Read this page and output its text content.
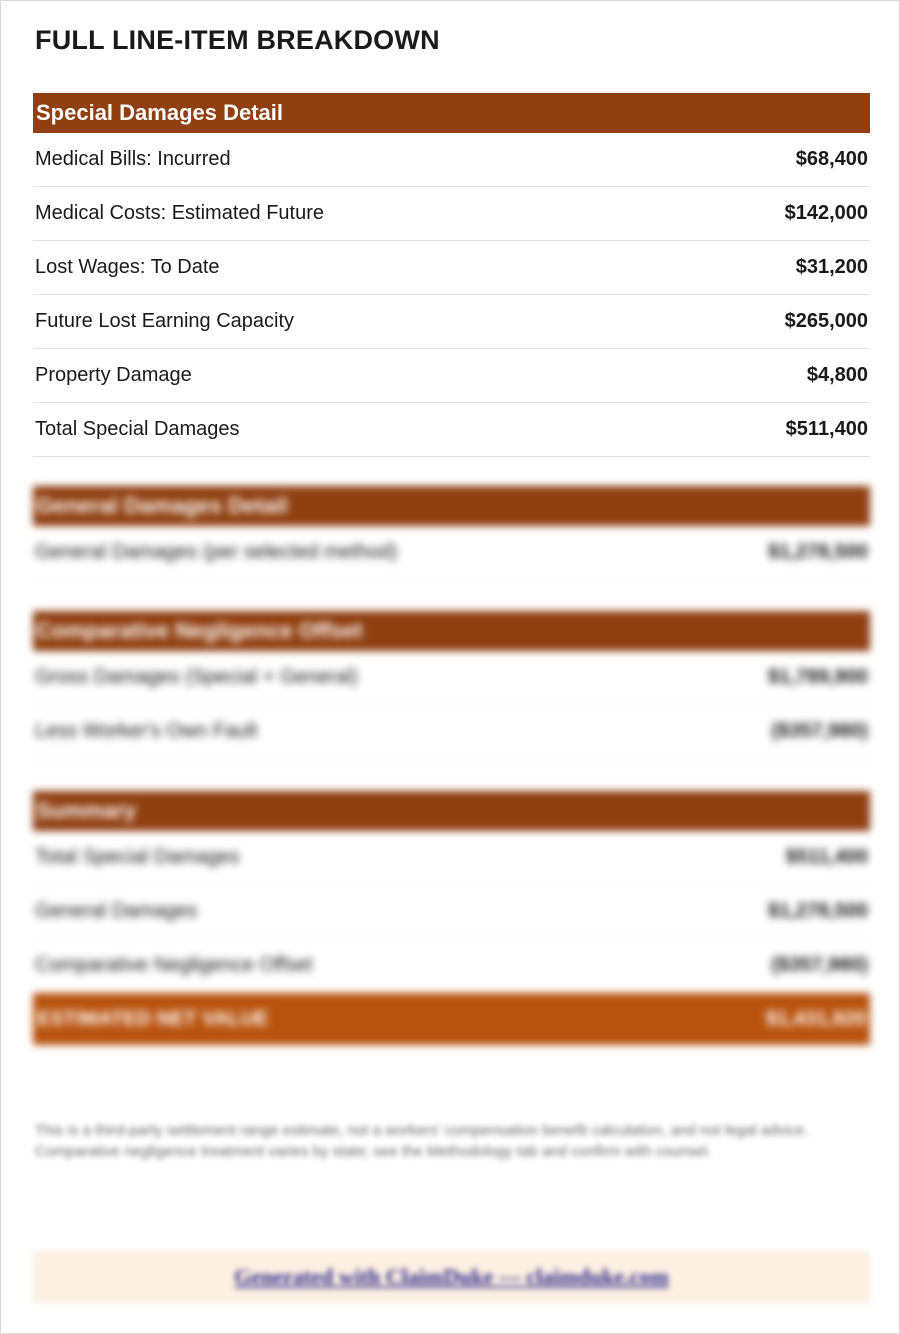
FULL LINE-ITEM BREAKDOWN
Special Damages Detail
Medical Bills: Incurred	$68,400
Medical Costs: Estimated Future	$142,000
Lost Wages: To Date	$31,200
Future Lost Earning Capacity	$265,000
Property Damage	$4,800
Total Special Damages	$511,400
General Damages Detail
General Damages (per selected method)	$1,278,500
Comparative Negligence Offset
Gross Damages (Special + General)	$1,789,900
Less Worker's Own Fault	($357,980)
Summary
Total Special Damages	$511,400
General Damages	$1,278,500
Comparative Negligence Offset	($357,980)
ESTIMATED NET VALUE	$1,431,920

This is a third-party settlement range estimate, not a workers' compensation benefit calculation, and not legal advice. Comparative negligence treatment varies by state; see the Methodology tab and confirm with counsel.

Generated with ClaimDuke — claimduke.com
